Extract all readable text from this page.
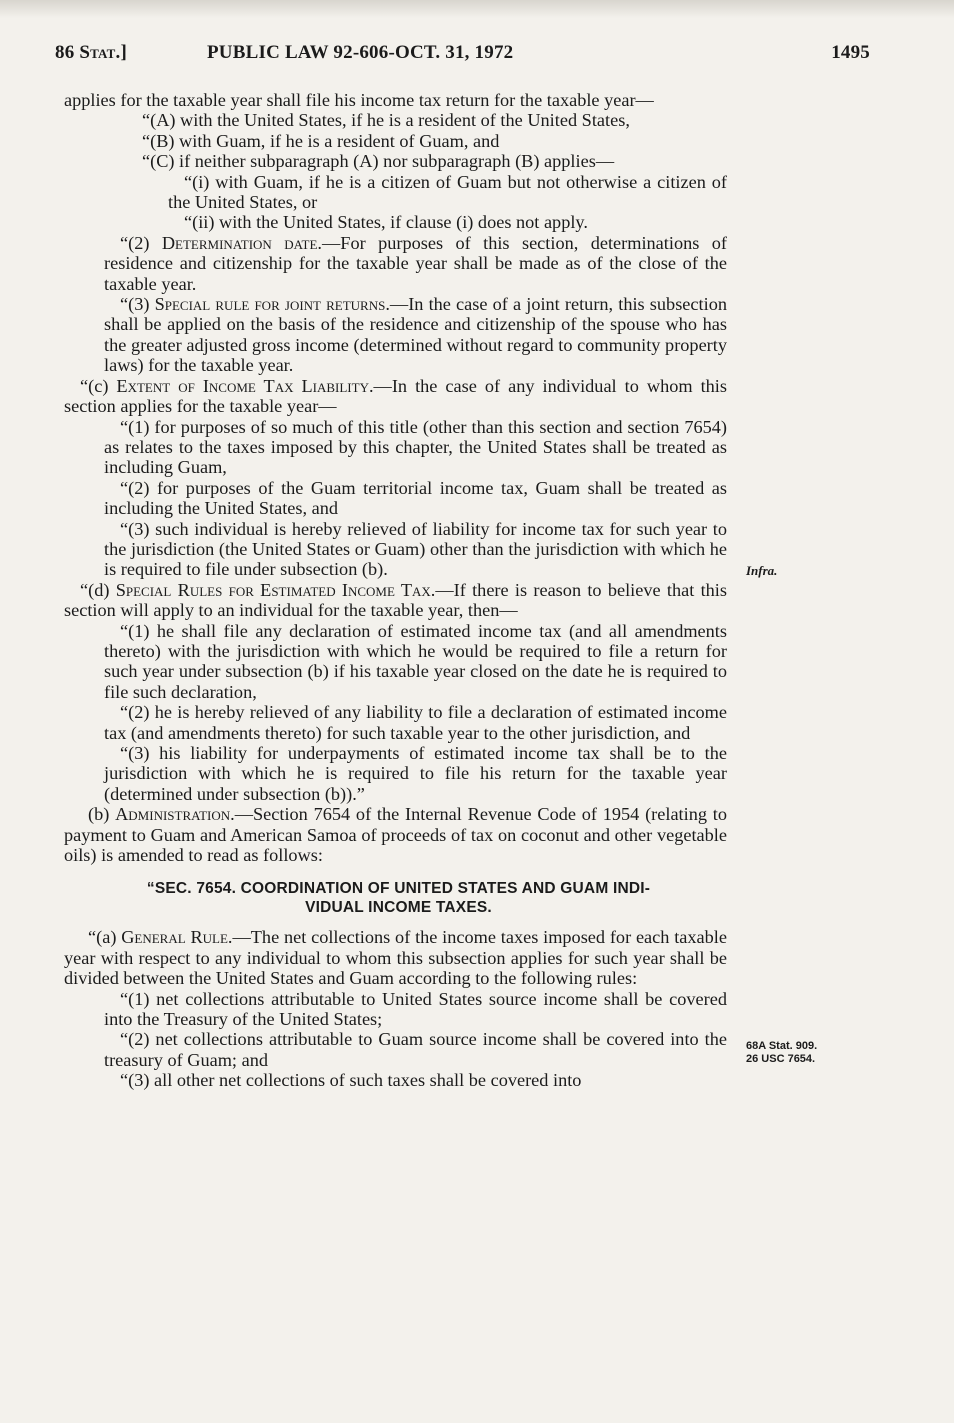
86 Stat.]	PUBLIC LAW 92-606-OCT. 31, 1972	1495

applies for the taxable year shall file his income tax return for the taxable year—

“(A) with the United States, if he is a resident of the United States,

“(B) with Guam, if he is a resident of Guam, and

“(C) if neither subparagraph (A) nor subparagraph (B) applies—

“(i) with Guam, if he is a citizen of Guam but not otherwise a citizen of the United States, or

“(ii) with the United States, if clause (i) does not apply.

“(2) Determination date.—For purposes of this section, determinations of residence and citizenship for the taxable year shall be made as of the close of the taxable year.

“(3) Special rule for joint returns.—In the case of a joint return, this subsection shall be applied on the basis of the residence and citizenship of the spouse who has the greater adjusted gross income (determined without regard to community property laws) for the taxable year.

“(c) Extent of Income Tax Liability.—In the case of any individual to whom this section applies for the taxable year—

“(1) for purposes of so much of this title (other than this section and section 7654) as relates to the taxes imposed by this chapter, the United States shall be treated as including Guam,

“(2) for purposes of the Guam territorial income tax, Guam shall be treated as including the United States, and

“(3) such individual is hereby relieved of liability for income tax for such year to the jurisdiction (the United States or Guam) other than the jurisdiction with which he is required to file under subsection (b).

“(d) Special Rules for Estimated Income Tax.—If there is reason to believe that this section will apply to an individual for the taxable year, then—

“(1) he shall file any declaration of estimated income tax (and all amendments thereto) with the jurisdiction with which he would be required to file a return for such year under subsection (b) if his taxable year closed on the date he is required to file such declaration,

“(2) he is hereby relieved of any liability to file a declaration of estimated income tax (and amendments thereto) for such taxable year to the other jurisdiction, and

“(3) his liability for underpayments of estimated income tax shall be to the jurisdiction with which he is required to file his return for the taxable year (determined under subsection (b)).”

(b) Administration.—Section 7654 of the Internal Revenue Code of 1954 (relating to payment to Guam and American Samoa of proceeds of tax on coconut and other vegetable oils) is amended to read as follows:

“SEC. 7654. COORDINATION OF UNITED STATES AND GUAM INDI-
VIDUAL INCOME TAXES.

“(a) General Rule.—The net collections of the income taxes imposed for each taxable year with respect to any individual to whom this subsection applies for such year shall be divided between the United States and Guam according to the following rules:

“(1) net collections attributable to United States source income shall be covered into the Treasury of the United States;

“(2) net collections attributable to Guam source income shall be covered into the treasury of Guam; and

“(3) all other net collections of such taxes shall be covered into

Infra.
68A Stat. 909.
26 USC 7654.
